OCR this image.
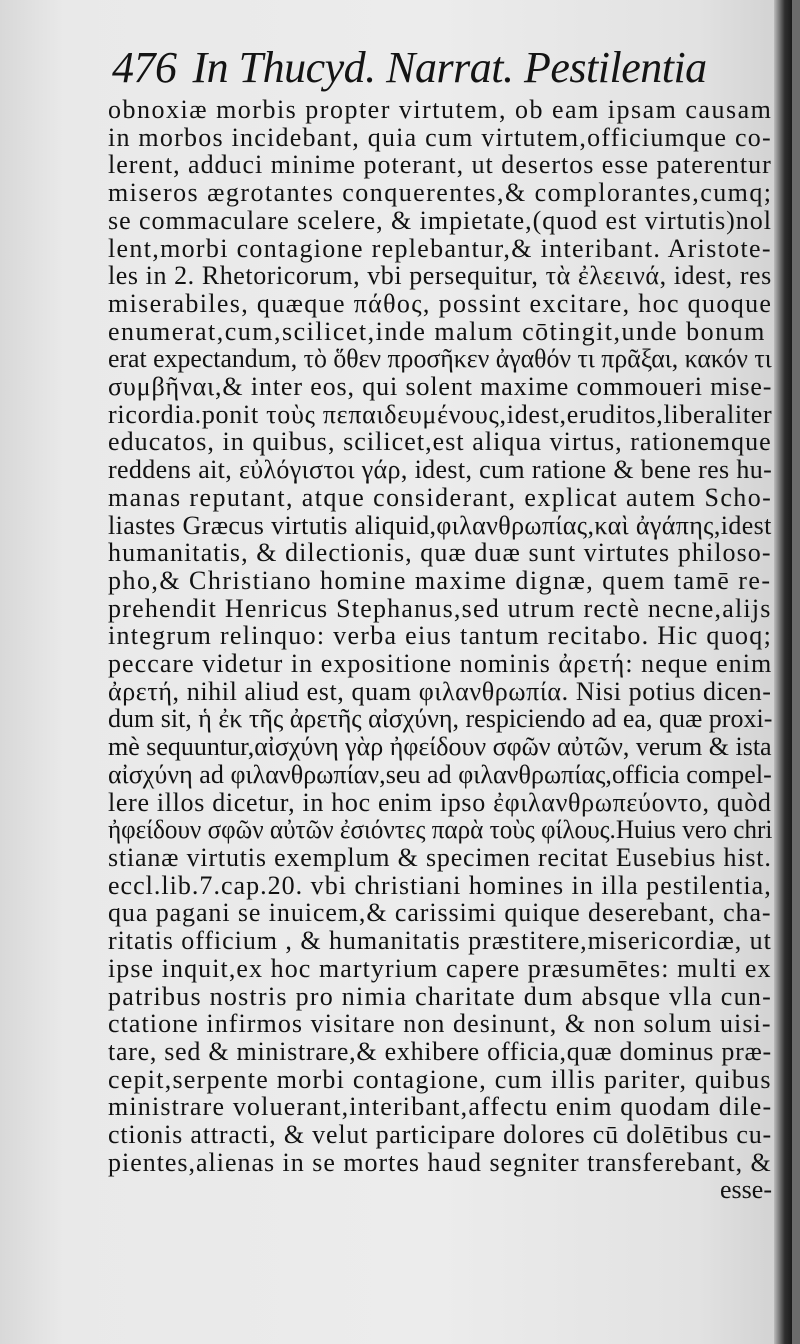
476 In Thucyd. Narrat. Pestilentia
obnoxiæ morbis propter virtutem, ob eam ipsam causamin morbos incidebant, quia cum virtutem,officiumque co-lerent, adduci minime poterant, ut desertos esse paterenturmiseros ægrotantes conquerentes,& complorantes,cumq;se commaculare scelere, & impietate,(quod est virtutis)nollent,morbi contagione replebantur,& interibant. Aristote-les in 2. Rhetoricorum, vbi persequitur, τὰ ἐλεεινά, idest, resmiserabiles, quæque πάθος, possint excitare, hoc quoqueenumerat,cum,scilicet,inde malum cōtingit,unde bonumerat expectandum, τὸ ὅθεν προσῆκεν ἀγαθόν τι πρᾶξαι, κακόν τισυμβῆναι,& inter eos, qui solent maxime commoueri mise-ricordia.ponit τοὺς πεπαιδευμένους,idest,eruditos,liberalitereducatos, in quibus, scilicet,est aliqua virtus, rationemquereddens ait, εὐλόγιστοι γάρ, idest, cum ratione & bene res hu-manas reputant, atque considerant, explicat autem Scho-liastes Græcus virtutis aliquid,φιλανθρωπίας,καὶ ἀγάπης,idesthumanitatis, & dilectionis, quæ duæ sunt virtutes philoso-pho,& Christiano homine maxime dignæ, quem tamē re-prehendit Henricus Stephanus,sed utrum rectè necne,alijsintegrum relinquo: verba eius tantum recitabo. Hic quoq;peccare videtur in expositione nominis ἀρετή: neque enimἀρετή, nihil aliud est, quam φιλανθρωπία. Nisi potius dicen-dum sit, ἡ ἐκ τῆς ἀρετῆς αἰσχύνη, respiciendo ad ea, quæ proxi-mè sequuntur,αἰσχύνη γὰρ ἠφείδουν σφῶν αὐτῶν, verum & istaαἰσχύνη ad φιλανθρωπίαν,seu ad φιλανθρωπίας,officia compel-lere illos dicetur, in hoc enim ipso ἐφιλανθρωπεύοντο, quòdἠφείδουν σφῶν αὐτῶν ἐσιόντες παρὰ τοὺς φίλους.Huius vero christianæ virtutis exemplum & specimen recitat Eusebius hist.eccl.lib.7.cap.20. vbi christiani homines in illa pestilentia,qua pagani se inuicem,& carissimi quique deserebant, cha-ritatis officium , & humanitatis præstitere,misericordiæ, utipse inquit,ex hoc martyrium capere præsumētes: multi expatribus nostris pro nimia charitate dum absque vlla cun-ctatione infirmos visitare non desinunt, & non solum uisi-tare, sed & ministrare,& exhibere officia,quæ dominus præ-cepit,serpente morbi contagione, cum illis pariter, quibusministrare voluerant,interibant,affectu enim quodam dile-ctionis attracti, & velut participare dolores cū dolētibus cu-pientes,alienas in se mortes haud segniter transferebant, &
esse-
